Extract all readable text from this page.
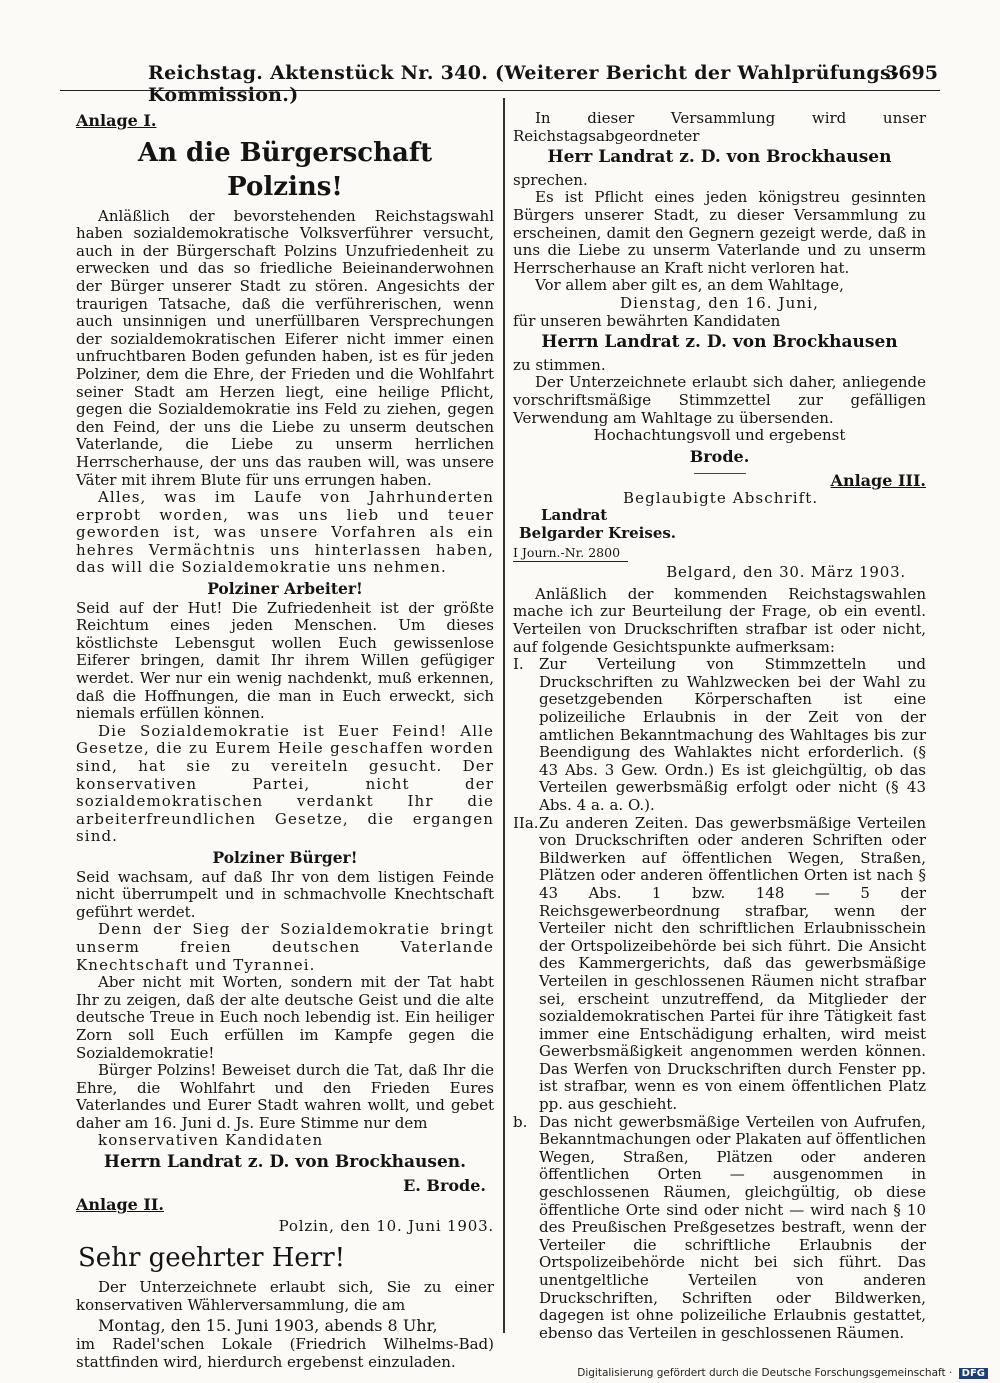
Reichstag. Aktenstück Nr. 340. (Weiterer Bericht der Wahlprüfungs-Kommission.)
3695
Anlage I.
An die Bürgerschaft Polzins!

Anläßlich der bevorstehenden Reichstagswahl haben sozialdemokratische Volksverführer versucht, auch in der Bürgerschaft Polzins Unzufriedenheit zu erwecken und das so friedliche Beieinanderwohnen der Bürger unserer Stadt zu stören. Angesichts der traurigen Tatsache, daß die verführerischen, wenn auch unsinnigen und unerfüllbaren Versprechungen der sozialdemokratischen Eiferer nicht immer einen unfruchtbaren Boden gefunden haben, ist es für jeden Polziner, dem die Ehre, der Frieden und die Wohlfahrt seiner Stadt am Herzen liegt, eine heilige Pflicht, gegen die Sozialdemokratie ins Feld zu ziehen, gegen den Feind, der uns die Liebe zu unserm deutschen Vaterlande, die Liebe zu unserm herrlichen Herrscherhause, der uns das rauben will, was unsere Väter mit ihrem Blute für uns errungen haben.

Alles, was im Laufe von Jahrhunderten erprobt worden, was uns lieb und teuer geworden ist, was unsere Vorfahren als ein hehres Vermächtnis uns hinterlassen haben, das will die Sozialdemokratie uns nehmen.

Polziner Arbeiter!

Seid auf der Hut! Die Zufriedenheit ist der größte Reichtum eines jeden Menschen. Um dieses köstlichste Lebensgut wollen Euch gewissenlose Eiferer bringen, damit Ihr ihrem Willen gefügiger werdet. Wer nur ein wenig nachdenkt, muß erkennen, daß die Hoffnungen, die man in Euch erweckt, sich niemals erfüllen können.

Die Sozialdemokratie ist Euer Feind! Alle Gesetze, die zu Eurem Heile geschaffen worden sind, hat sie zu vereiteln gesucht. Der konservativen Partei, nicht der sozialdemokratischen verdankt Ihr die arbeiterfreundlichen Gesetze, die ergangen sind.

Polziner Bürger!

Seid wachsam, auf daß Ihr von dem listigen Feinde nicht überrumpelt und in schmachvolle Knechtschaft geführt werdet.

Denn der Sieg der Sozialdemokratie bringt unserm freien deutschen Vaterlande Knechtschaft und Tyrannei.

Aber nicht mit Worten, sondern mit der Tat habt Ihr zu zeigen, daß der alte deutsche Geist und die alte deutsche Treue in Euch noch lebendig ist. Ein heiliger Zorn soll Euch erfüllen im Kampfe gegen die Sozialdemokratie!

Bürger Polzins! Beweiset durch die Tat, daß Ihr die Ehre, die Wohlfahrt und den Frieden Eures Vaterlandes und Eurer Stadt wahren wollt, und gebet daher am 16. Juni d. Js. Eure Stimme nur dem

konservativen Kandidaten

Herrn Landrat z. D. von Brockhausen.
E. Brode.
Anlage II.
Polzin, den 10. Juni 1903.
Sehr geehrter Herr!

Der Unterzeichnete erlaubt sich, Sie zu einer konservativen Wählerversammlung, die am

Montag, den 15. Juni 1903, abends 8 Uhr,

im Radel'schen Lokale (Friedrich Wilhelms-Bad) stattfinden wird, hierdurch ergebenst einzuladen.

In dieser Versammlung wird unser Reichstagsabgeordneter

Herr Landrat z. D. von Brockhausen

sprechen.

Es ist Pflicht eines jeden königstreu gesinnten Bürgers unserer Stadt, zu dieser Versammlung zu erscheinen, damit den Gegnern gezeigt werde, daß in uns die Liebe zu unserm Vaterlande und zu unserm Herrscherhause an Kraft nicht verloren hat.

Vor allem aber gilt es, an dem Wahltage,

Dienstag, den 16. Juni,

für unseren bewährten Kandidaten

Herrn Landrat z. D. von Brockhausen

zu stimmen.

Der Unterzeichnete erlaubt sich daher, anliegende vorschriftsmäßige Stimmzettel zur gefälligen Verwendung am Wahltage zu übersenden.

Hochachtungsvoll und ergebenst

Brode.
Anlage III.

Beglaubigte Abschrift.

Landrat
Belgarder Kreises.
I Journ.-Nr. 2800
Belgard, den 30. März 1903.

Anläßlich der kommenden Reichstagswahlen mache ich zur Beurteilung der Frage, ob ein eventl. Verteilen von Druckschriften strafbar ist oder nicht, auf folgende Gesichtspunkte aufmerksam:

I.	Zur Verteilung von Stimmzetteln und Druckschriften zu Wahlzwecken bei der Wahl zu gesetzgebenden Körperschaften ist eine polizeiliche Erlaubnis in der Zeit von der amtlichen Bekanntmachung des Wahltages bis zur Beendigung des Wahlaktes nicht erforderlich. (§ 43 Abs. 3 Gew. Ordn.) Es ist gleichgültig, ob das Verteilen gewerbsmäßig erfolgt oder nicht (§ 43 Abs. 4 a. a. O.).
IIa. Zu anderen Zeiten. Das gewerbsmäßige Verteilen von Druckschriften oder anderen Schriften oder Bildwerken auf öffentlichen Wegen, Straßen, Plätzen oder anderen öffentlichen Orten ist nach § 43 Abs. 1 bzw. 148 — 5 der Reichsgewerbeordnung strafbar, wenn der Verteiler nicht den schriftlichen Erlaubnisschein der Ortspolizeibehörde bei sich führt. Die Ansicht des Kammergerichts, daß das gewerbsmäßige Verteilen in geschlossenen Räumen nicht strafbar sei, erscheint unzutreffend, da Mitglieder der sozialdemokratischen Partei für ihre Tätigkeit fast immer eine Entschädigung erhalten, wird meist Gewerbsmäßigkeit angenommen werden können. Das Werfen von Druckschriften durch Fenster pp. ist strafbar, wenn es von einem öffentlichen Platz pp. aus geschieht.
b. Das nicht gewerbsmäßige Verteilen von Aufrufen, Bekanntmachungen oder Plakaten auf öffentlichen Wegen, Straßen, Plätzen oder anderen öffentlichen Orten — ausgenommen in geschlossenen Räumen, gleichgültig, ob diese öffentliche Orte sind oder nicht — wird nach § 10 des Preußischen Preßgesetzes bestraft, wenn der Verteiler die schriftliche Erlaubnis der Ortspolizeibehörde nicht bei sich führt. Das unentgeltliche Verteilen von anderen Druckschriften, Schriften oder Bildwerken, dagegen ist ohne polizeiliche Erlaubnis gestattet, ebenso das Verteilen in geschlossenen Räumen.
Digitalisierung gefördert durch die Deutsche Forschungsgemeinschaft · DFG
